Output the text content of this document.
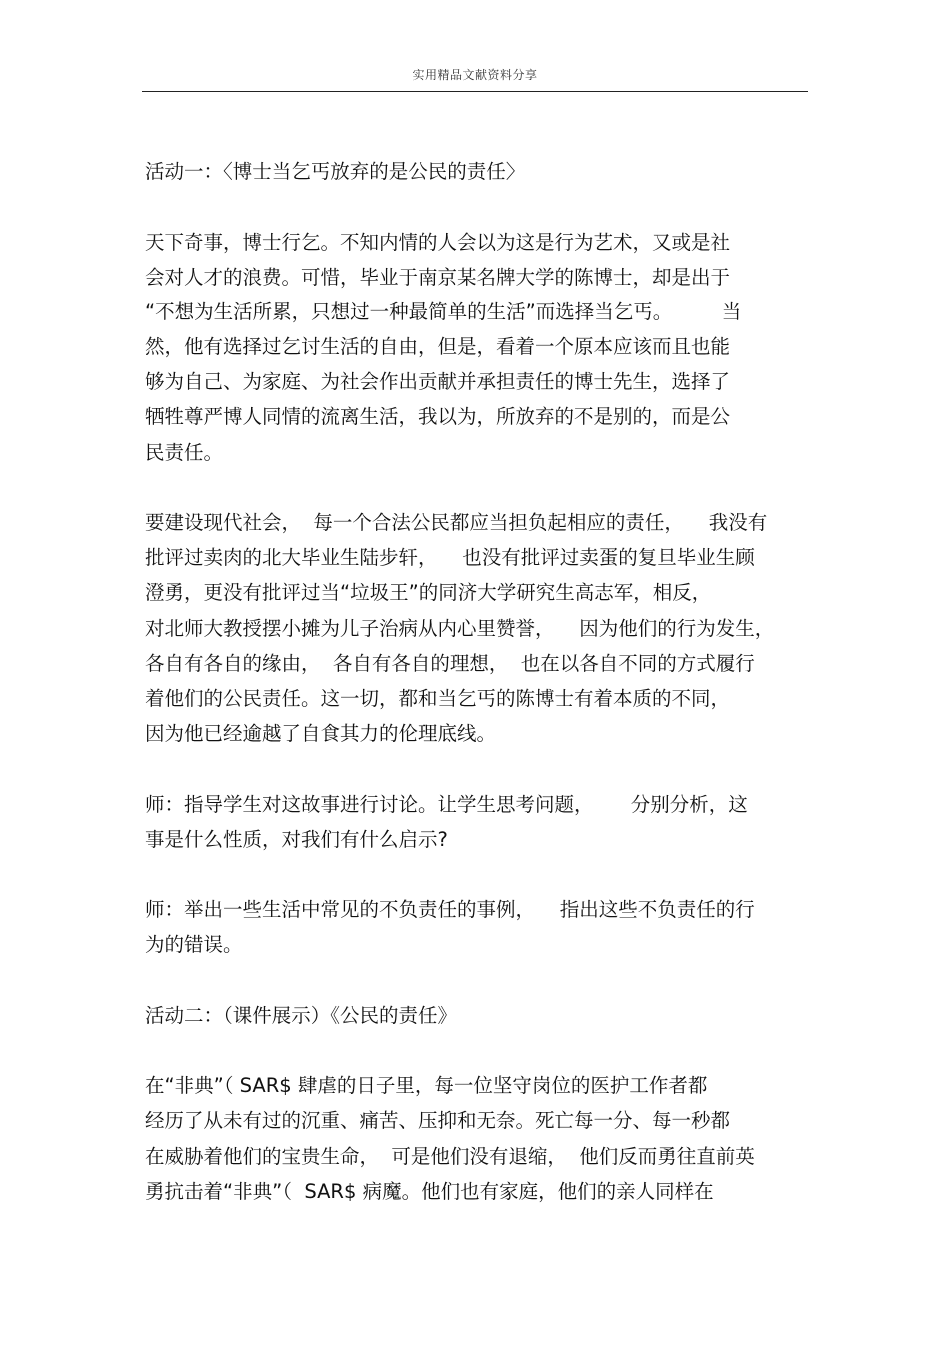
实用精品文献资料分享
活动一：〈博士当乞丐放弃的是公民的责任〉
天下奇事，博士行乞。不知内情的人会以为这是行为艺术，又或是社
会对人才的浪费。可惜，毕业于南京某名牌大学的陈博士，却是出于
“不想为生活所累，只想过一种最简单的生活”而选择当乞丐。        当
然，他有选择过乞讨生活的自由，但是，看着一个原本应该而且也能
够为自己、为家庭、为社会作出贡献并承担责任的博士先生，选择了
牺牲尊严博人同情的流离生活，我以为，所放弃的不是别的，而是公
民责任。
要建设现代社会，  每一个合法公民都应当担负起相应的责任，    我没有
批评过卖肉的北大毕业生陆步轩，    也没有批评过卖蛋的复旦毕业生顾
澄勇，更没有批评过当“垃圾王”的同济大学研究生高志军，相反，
对北师大教授摆小摊为儿子治病从内心里赞誉，    因为他们的行为发生，
各自有各自的缘由，  各自有各自的理想，  也在以各自不同的方式履行
着他们的公民责任。这一切，都和当乞丐的陈博士有着本质的不同，
因为他已经逾越了自食其力的伦理底线。
师：指导学生对这故事进行讨论。让学生思考问题，      分别分析，这
事是什么性质，对我们有什么启示?
师：举出一些生活中常见的不负责任的事例，    指出这些不负责任的行
为的错误。
活动二：（课件展示）《公民的责任》
在“非典”（ SAR$ 肆虐的日子里，每一位坚守岗位的医护工作者都
经历了从未有过的沉重、痛苦、压抑和无奈。死亡每一分、每一秒都
在威胁着他们的宝贵生命，  可是他们没有退缩，  他们反而勇往直前英
勇抗击着“非典”（  SAR$ 病魔。他们也有家庭，他们的亲人同样在
